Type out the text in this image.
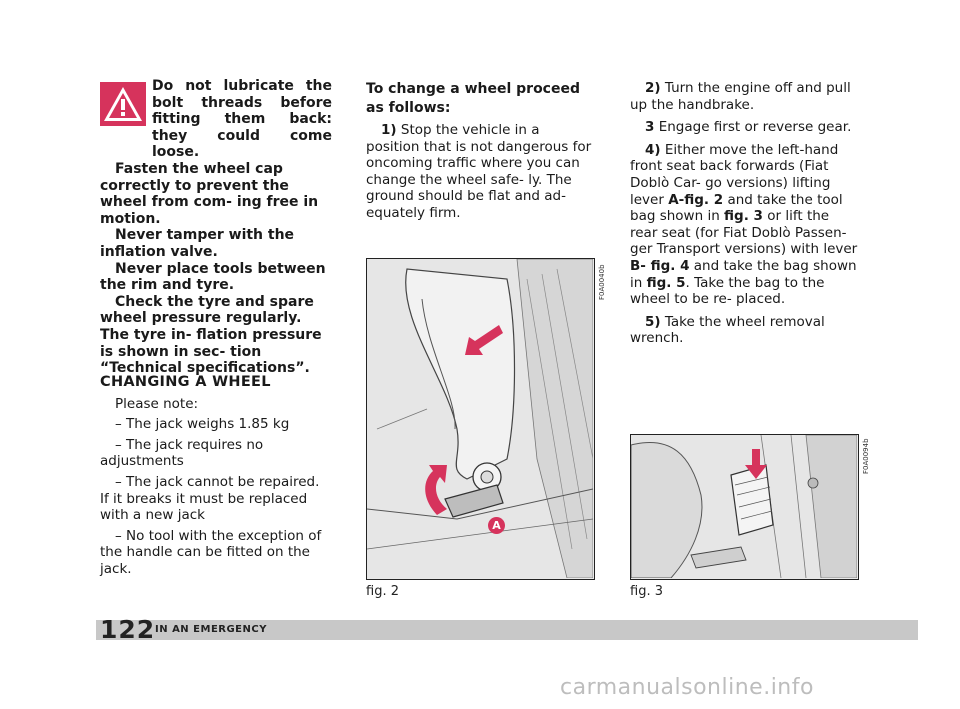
Do not lubricate the bolt threads before fitting them back: they could come loose.

Fasten the wheel cap correctly to prevent the wheel from com- ing free in motion.

Never tamper with the inflation valve.

Never place tools between the rim and tyre.

Check the tyre and spare wheel pressure regularly. The tyre in- flation pressure is shown in sec- tion “Technical specifications”.

CHANGING A WHEEL

Please note:

– The jack weighs 1.85 kg

– The jack requires no adjustments

– The jack cannot be repaired. If it breaks it must be replaced with a new jack

– No tool with the exception of the handle can be fitted on the jack.

To change a wheel proceed as follows:

1) Stop the vehicle in a position that is not dangerous for oncoming traffic where you can change the wheel safe- ly. The ground should be flat and ad- equately firm.

2) Turn the engine off and pull up the handbrake.

3 Engage first or reverse gear.

4) Either move the left-hand front seat back forwards (Fiat Doblò Car- go versions) lifting lever A-fig. 2 and take the tool bag shown in fig. 3 or lift the rear seat (for Fiat Doblò Passen- ger Transport versions) with lever B- fig. 4 and take the bag shown in fig. 5. Take the bag to the wheel to be re- placed.

5) Take the wheel removal wrench.

A
F0A0040b
fig. 2
F0A0094b
fig. 3
122 IN AN EMERGENCY
carmanualsonline.info
